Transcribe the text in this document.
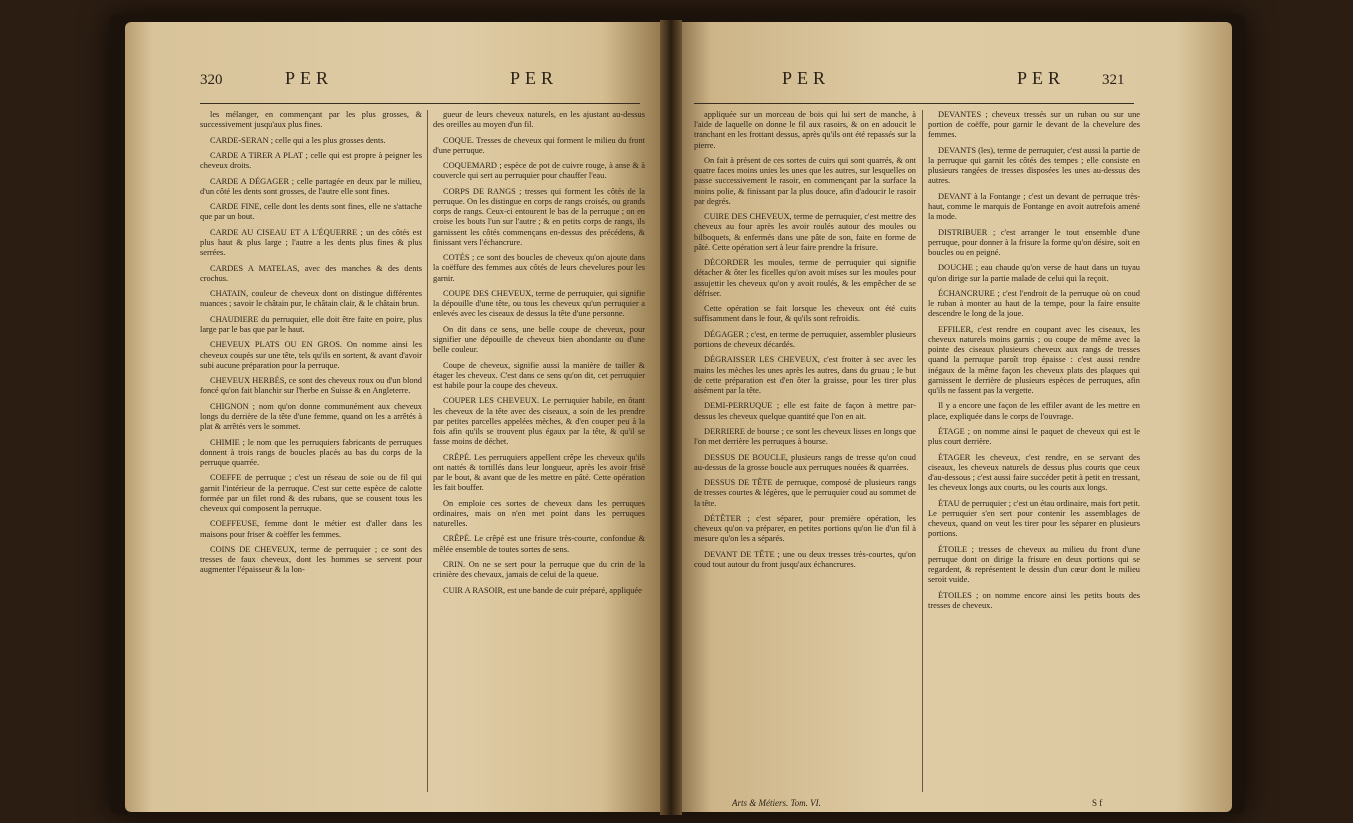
320	PER	PER

les mélanger, en commençant par les plus grosses, & successivement jusqu'aux plus fines.

CARDE-SERAN ; celle qui a les plus grosses dents.

CARDE A TIRER A PLAT ; celle qui est propre à peigner les cheveux droits.

CARDE A DÉGAGER ; celle partagée en deux par le milieu, d'un côté les dents sont grosses, de l'autre elle sont fines.

CARDE FINE, celle dont les dents sont fines, elle ne s'attache que par un bout.

CARDE AU CISEAU ET A L'ÉQUERRE ; un des côtés est plus haut & plus large ; l'autre a les dents plus fines & plus serrées.

CARDES A MATELAS, avec des manches & des dents crochus.

CHATAIN, couleur de cheveux dont on distingue différentes nuances ; savoir le châtain pur, le châtain clair, & le châtain brun.

CHAUDIERE du perruquier, elle doit être faite en poire, plus large par le bas que par le haut.

CHEVEUX PLATS OU EN GROS. On nomme ainsi les cheveux coupés sur une tête, tels qu'ils en sortent, & avant d'avoir subi aucune préparation pour la perruque.

CHEVEUX HERBÉS, ce sont des cheveux roux ou d'un blond foncé qu'on fait blanchir sur l'herbe en Suisse & en Angleterre.

CHIGNON ; nom qu'on donne communément aux cheveux longs du derrière de la tête d'une femme, quand on les a arrêtés à plat & arrêtés vers le sommet.

CHIMIE ; le nom que les perruquiers fabricants de perruques donnent à trois rangs de boucles placés au bas du corps de la perruque quarrée.

COEFFE de perruque ; c'est un réseau de soie ou de fil qui garnit l'intérieur de la perruque. C'est sur cette espèce de calotte formée par un filet rond & des rubans, que se cousent tous les cheveux qui composent la perruque.

COEFFEUSE, femme dont le métier est d'aller dans les maisons pour friser & coëffer les femmes.

COINS DE CHEVEUX, terme de perruquier ; ce sont des tresses de faux cheveux, dont les hommes se servent pour augmenter l'épaisseur & la lon-

gueur de leurs cheveux naturels, en les ajustant au-dessus des oreilles au moyen d'un fil.

COQUE. Tresses de cheveux qui forment le milieu du front d'une perruque.

COQUEMARD ; espèce de pot de cuivre rouge, à anse & à couvercle qui sert au perruquier pour chauffer l'eau.

CORPS DE RANGS ; tresses qui forment les côtés de la perruque. On les distingue en corps de rangs croisés, ou grands corps de rangs. Ceux-ci entourent le bas de la perruque ; on en croise les bouts l'un sur l'autre ; & en petits corps de rangs, ils garnissent les côtés commençans en-dessus des précédens, & finissant vers l'échancrure.

COTÉS ; ce sont des boucles de cheveux qu'on ajoute dans la coëffure des femmes aux côtés de leurs chevelures pour les garnir.

COUPE DES CHEVEUX, terme de perruquier, qui signifie la dépouille d'une tête, ou tous les cheveux qu'un perruquier a enlevés avec les ciseaux de dessus la tête d'une personne.

On dit dans ce sens, une belle coupe de cheveux, pour signifier une dépouille de cheveux bien abondante ou d'une belle couleur.

Coupe de cheveux, signifie aussi la manière de tailler & étager les cheveux. C'est dans ce sens qu'on dit, cet perruquier est habile pour la coupe des cheveux.

COUPER LES CHEVEUX. Le perruquier habile, en ôtant les cheveux de la tête avec des ciseaux, a soin de les prendre par petites parcelles appelées mèches, & d'en couper peu à la fois afin qu'ils se trouvent plus égaux par la tête, & qu'il se fasse moins de déchet.

CRÊPÉ. Les perruquiers appellent crêpe les cheveux qu'ils ont nattés & tortillés dans leur longueur, après les avoir frisé par le bout, & avant que de les mettre en pâté. Cette opération les fait bouffer.

On emploie ces sortes de cheveux dans les perruques ordinaires, mais on n'en met point dans les perruques naturelles.

CRÊPÉ. Le crêpé est une frisure très-courte, confondue & mêlée ensemble de toutes sortes de sens.

CRIN. On ne se sert pour la perruque que du crin de la crinière des chevaux, jamais de celui de la queue.

CUIR A RASOIR, est une bande de cuir préparé, appliquée

PER	PER 321

appliquée sur un morceau de bois qui lui sert de manche, à l'aide de laquelle on donne le fil aux rasoirs, & on en adoucit le tranchant en les frottant dessus, après qu'ils ont été repassés sur la pierre.

On fait à présent de ces sortes de cuirs qui sont quarrés, & ont quatre faces moins unies les unes que les autres, sur lesquelles on passe successivement le rasoir, en commençant par la surface la moins polie, & finissant par la plus douce, afin d'adoucir le rasoir par degrés.

CUIRE DES CHEVEUX, terme de perruquier, c'est mettre des cheveux au four après les avoir roulés autour des moules ou bilboquets, & enfermés dans une pâte de son, faite en forme de pâté. Cette opération sert à leur faire prendre la frisure.

DÉCORDER les moules, terme de perruquier qui signifie détacher & ôter les ficelles qu'on avoit mises sur les moules pour assujettir les cheveux qu'on y avoit roulés, & les empêcher de se défriser.

Cette opération se fait lorsque les cheveux ont été cuits suffisamment dans le four, & qu'ils sont refroidis.

DÉGAGER ; c'est, en terme de perruquier, assembler plusieurs portions de cheveux décardés.

DÉGRAISSER LES CHEVEUX, c'est frotter à sec avec les mains les mèches les unes après les autres, dans du gruau ; le but de cette préparation est d'en ôter la graisse, pour les tirer plus aisément par la tête.

DEMI-PERRUQUE ; elle est faite de façon à mettre par-dessus les cheveux quelque quantité que l'on en ait.

DERRIERE de bourse ; ce sont les cheveux lisses en longs que l'on met derrière les perruques à bourse.

DESSUS DE BOUCLE, plusieurs rangs de tresse qu'on coud au-dessus de la grosse boucle aux perruques nouées & quarrées.

DESSUS DE TÊTE de perruque, composé de plusieurs rangs de tresses courtes & légères, que le perruquier coud au sommet de la tête.

DÉTÊTER ; c'est séparer, pour première opération, les cheveux qu'on va préparer, en petites portions qu'on lie d'un fil à mesure qu'on les a séparés.

DEVANT DE TÊTE ; une ou deux tresses très-courtes, qu'on coud tout autour du front jusqu'aux échancrures.

DEVANTES ; cheveux tressés sur un ruban ou sur une portion de coëffe, pour garnir le devant de la chevelure des femmes.

DEVANTS (les), terme de perruquier, c'est aussi la partie de la perruque qui garnit les côtés des tempes ; elle consiste en plusieurs rangées de tresses disposées les unes au-dessus des autres.

DEVANT à la Fontange ; c'est un devant de perruque très-haut, comme le marquis de Fontange en avoit autrefois amené la mode.

DISTRIBUER ; c'est arranger le tout ensemble d'une perruque, pour donner à la frisure la forme qu'on désire, soit en boucles ou en peigné.

DOUCHE ; eau chaude qu'on verse de haut dans un tuyau qu'on dirige sur la partie malade de celui qui la reçoit.

ÉCHANCRURE ; c'est l'endroit de la perruque où on coud le ruban à monter au haut de la tempe, pour la faire ensuite descendre le long de la joue.

EFFILER, c'est rendre en coupant avec les ciseaux, les cheveux naturels moins garnis ; ou coupe de même avec la pointe des ciseaux plusieurs cheveux aux rangs de tresses quand la perruque paroît trop épaisse : c'est aussi rendre inégaux de la même façon les cheveux plats des plaques qui garnissent le derrière de plusieurs espèces de perruques, afin qu'ils ne fassent pas la vergette.

Il y a encore une façon de les effiler avant de les mettre en place, expliquée dans le corps de l'ouvrage.

ÉTAGE ; on nomme ainsi le paquet de cheveux qui est le plus court derrière.

ÉTAGER les cheveux, c'est rendre, en se servant des ciseaux, les cheveux naturels de dessus plus courts que ceux d'au-dessous ; c'est aussi faire succéder petit à petit en tressant, les cheveux longs aux courts, ou les courts aux longs.

ÉTAU de perruquier ; c'est un étau ordinaire, mais fort petit. Le perruquier s'en sert pour contenir les assemblages de cheveux, quand on veut les tirer pour les séparer en plusieurs portions.

ÉTOILE ; tresses de cheveux au milieu du front d'une perruque dont on dirige la frisure en deux portions qui se regardent, & représentent le dessin d'un cœur dont le milieu seroit vuide.

ÉTOILES ; on nomme encore ainsi les petits bouts des tresses de cheveux.

Arts & Métiers. Tom. VI.	S f
